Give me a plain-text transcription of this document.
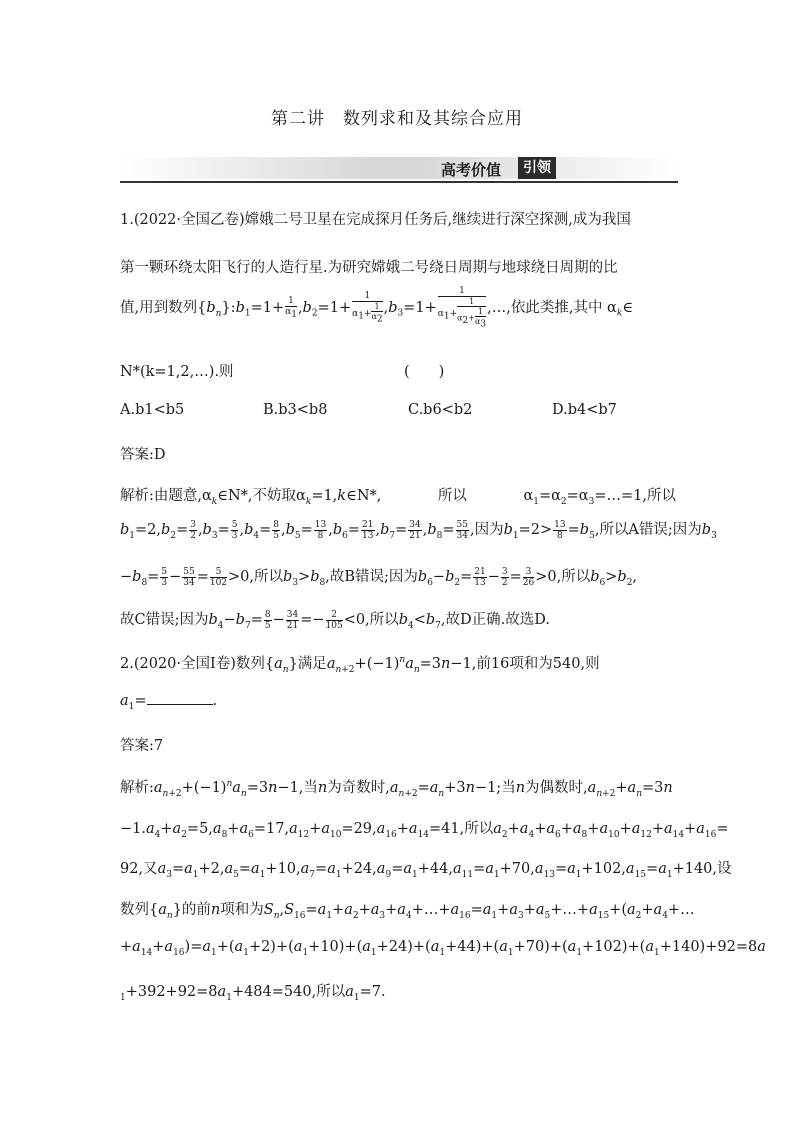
第二讲　数列求和及其综合应用
高考价值	引领
1.(2022·全国乙卷)嫦娥二号卫星在完成探月任务后,继续进行深空探测,成为我国
第一颗环绕太阳飞行的人造行星.为研究嫦娥二号绕日周期与地球绕日周期的比
值,用到数列$\{b_n\}:b_1=1+ \frac{1}{\alpha_1} ,b_2=1+ \frac{1}{\alpha_1+ \frac{1}{\alpha_2}} ,b_3=1+ \frac{1}{\alpha_1+ \frac{1}{\alpha_2+ \frac{1}{\alpha_3}}}$ ,…,依此类推,其中 $\alpha_k\in$
N*(k=1,2,…).则	(　　)
A.b1<b5	B.b3<b8	C.b6<b2	D.b4<b7
答案:D
解析:由题意$,\alpha_k\in N*$,不妨取$\alpha_k=1,k\in N*$,	所以	$\alpha_1=\alpha_2=\alpha_3=\dots=1$,所以
$b_1=2,b_2= \frac{3}{2} ,b_3= \frac{5}{3} ,b_4= \frac{8}{5} ,b_5= \frac{13}{8} ,b_6= \frac{21}{13} ,b_7= \frac{34}{21} ,b_8= \frac{55}{34}$ ,因为$b_1=2> \frac{13}{8} =b_5$,所以A错误;因为$b_3$
$-b_8= \frac{5}{3} - \frac{55}{34} = \frac{5}{102} >0$,所以$b_3>b_8$,故B错误;因为$b_6-b_2= \frac{21}{13} - \frac{3}{2} = \frac{3}{26} >0$,所以$b_6>b_2$,
故C错误;因为$b_4-b_7= \frac{8}{5} - \frac{34}{21} =- \frac{2}{105} <0$,所以$b_4<b_7$,故D正确.故选D.
2.(2020·全国Ⅰ卷)数列$\{a_n\}$满足$a_{n+2}+(-1)^na_n=3n-1$,前16项和为540,则
$a_1=$	.
答案:7
解析$:a_{n+2}+(-1)^na_n=3n-1$,当n为奇数时$,a_{n+2}=a_n+3n-1$;当n为偶数时$,a_{n+2}+a_n=3n$
$-1.a_4+a_2=5,a_8+a_6=17,a_{12}+a_{10}=29,a_{16}+a_{14}=41$,所以$a_2+a_4+a_6+a_8+a_{10}+a_{12}+a_{14}+a_{16}=$
92,又$a_3=a_1+2,a_5=a_1+10,a_7=a_1+24,a_9=a_1+44,a_{11}=a_1+70,a_{13}=a_1+102,a_{15}=a_1+140$,设
数列$\{a_n\}$的前n项和为$S_n,S_{16}=a_1+a_2+a_3+a_4+\dots+a_{16}=a_1+a_3+a_5+\dots+a_{15}+(a_2+a_4+\dots$
$+a_{14}+a_{16})=a_1+(a_1+2)+(a_1+10)+(a_1+24)+(a_1+44)+(a_1+70)+(a_1+102)+(a_1+140)+92=8a$
$_1+392+92=8a_1+484=540$,所以$a_1=7$.
